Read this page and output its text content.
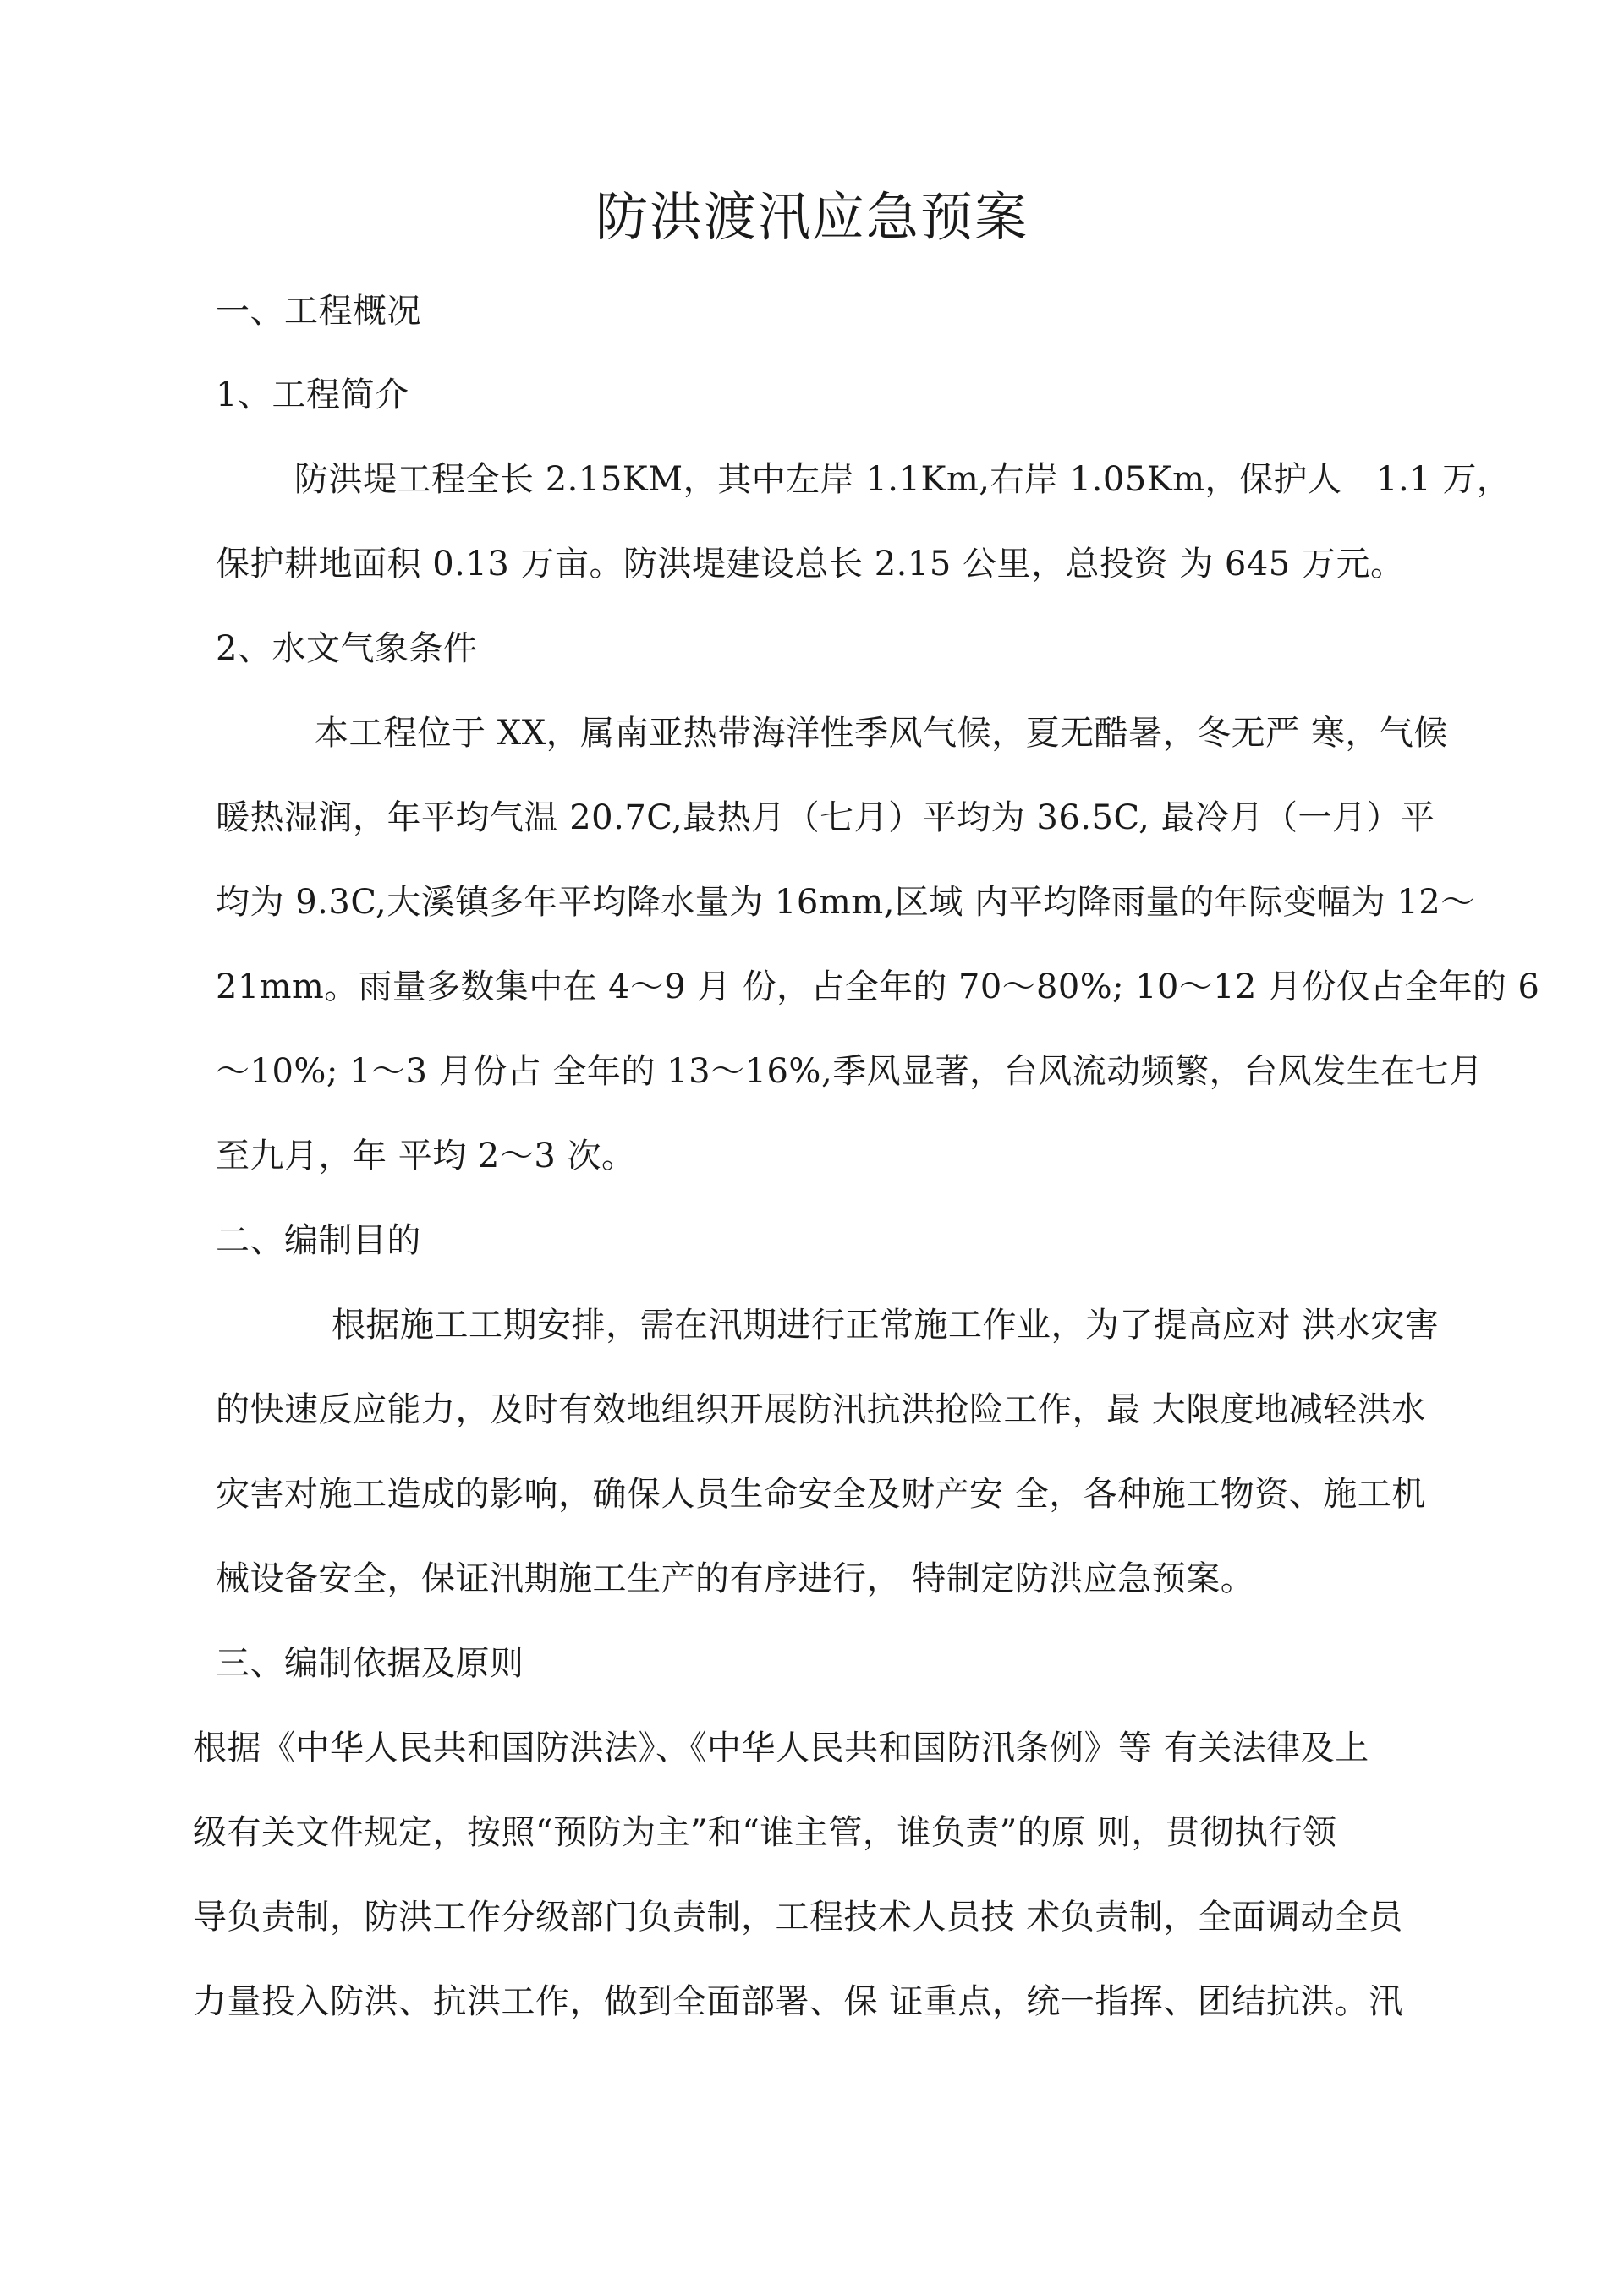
防洪渡汛应急预案
一、工程概况
1、工程简介
防洪堤工程全长 2.15KM，其中左岸 1.1Km,右岸 1.05Km，保护人　1.1 万，
保护耕地面积 0.13 万亩。防洪堤建设总长 2.15 公里，总投资 为 645 万元。
2、水文气象条件
本工程位于 XX，属南亚热带海洋性季风气候，夏无酷暑，冬无严 寒，气候
暖热湿润，年平均气温 20.7C,最热月（七月）平均为 36.5C, 最冷月（一月）平
均为 9.3C,大溪镇多年平均降水量为 16mm,区域 内平均降雨量的年际变幅为 12〜
21mm。雨量多数集中在 4〜9 月 份，占全年的 70〜80%; 10〜12 月份仅占全年的 6
〜10%; 1〜3 月份占 全年的 13〜16%,季风显著，台风流动频繁，台风发生在七月
至九月，年 平均 2〜3 次。
二、编制目的
根据施工工期安排，需在汛期进行正常施工作业，为了提高应对 洪水灾害
的快速反应能力，及时有效地组织开展防汛抗洪抢险工作，最 大限度地减轻洪水
灾害对施工造成的影响，确保人员生命安全及财产安 全，各种施工物资、施工机
械设备安全，保证汛期施工生产的有序进行， 特制定防洪应急预案。
三、编制依据及原则
根据《中华人民共和国防洪法》、《中华人民共和国防汛条例》等 有关法律及上
级有关文件规定，按照“预防为主”和“谁主管，谁负责”的原 则，贯彻执行领
导负责制，防洪工作分级部门负责制，工程技术人员技 术负责制，全面调动全员
力量投入防洪、抗洪工作，做到全面部署、保 证重点，统一指挥、团结抗洪。汛
